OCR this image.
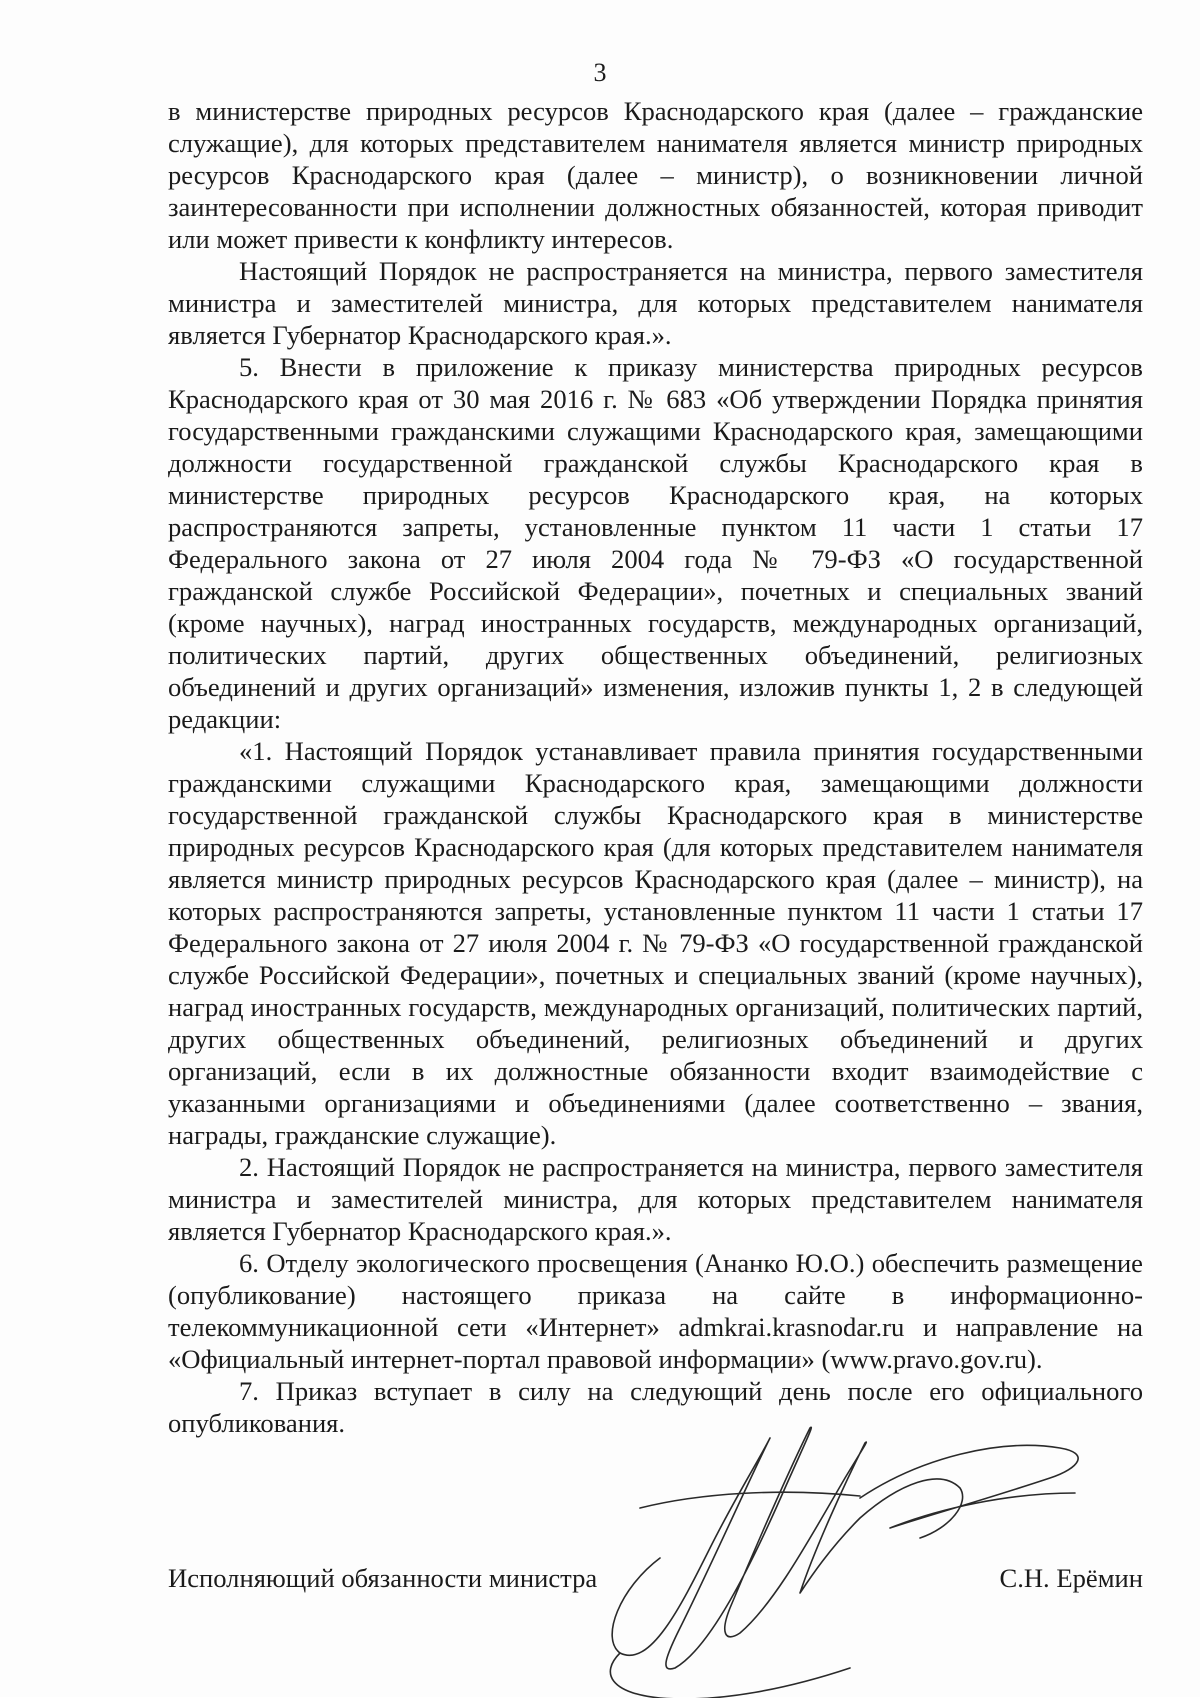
3

в министерстве природных ресурсов Краснодарского края (далее – гражданские служащие), для которых представителем нанимателя является министр природных ресурсов Краснодарского края (далее – министр), о возникновении личной заинтересованности при исполнении должностных обязанностей, которая приводит или может привести к конфликту интересов.

Настоящий Порядок не распространяется на министра, первого заместителя министра и заместителей министра, для которых представителем нанимателя является Губернатор Краснодарского края.».

5. Внести в приложение к приказу министерства природных ресурсов Краснодарского края от 30 мая 2016 г. № 683 «Об утверждении Порядка принятия государственными гражданскими служащими Краснодарского края, замещающими должности государственной гражданской службы Краснодарского края в министерстве природных ресурсов Краснодарского края, на которых распространяются запреты, установленные пунктом 11 части 1 статьи 17 Федерального закона от 27 июля 2004 года № 79-ФЗ «О государственной гражданской службе Российской Федерации», почетных и специальных званий (кроме научных), наград иностранных государств, международных организаций, политических партий, других общественных объединений, религиозных объединений и других организаций» изменения, изложив пункты 1, 2 в следующей редакции:

«1. Настоящий Порядок устанавливает правила принятия государственными гражданскими служащими Краснодарского края, замещающими должности государственной гражданской службы Краснодарского края в министерстве природных ресурсов Краснодарского края (для которых представителем нанимателя является министр природных ресурсов Краснодарского края (далее – министр), на которых распространяются запреты, установленные пунктом 11 части 1 статьи 17 Федерального закона от 27 июля 2004 г. № 79-ФЗ «О государственной гражданской службе Российской Федерации», почетных и специальных званий (кроме научных), наград иностранных государств, международных организаций, политических партий, других общественных объединений, религиозных объединений и других организаций, если в их должностные обязанности входит взаимодействие с указанными организациями и объединениями (далее соответственно – звания, награды, гражданские служащие).

2. Настоящий Порядок не распространяется на министра, первого заместителя министра и заместителей министра, для которых представителем нанимателя является Губернатор Краснодарского края.».

6. Отделу экологического просвещения (Ананко Ю.О.) обеспечить размещение (опубликование) настоящего приказа на сайте в информационно-телекоммуникационной сети «Интернет» admkrai.krasnodar.ru и направление на «Официальный интернет-портал правовой информации» (www.pravo.gov.ru).

7. Приказ вступает в силу на следующий день после его официального опубликования.

Исполняющий обязанности министра	С.Н. Ерёмин
